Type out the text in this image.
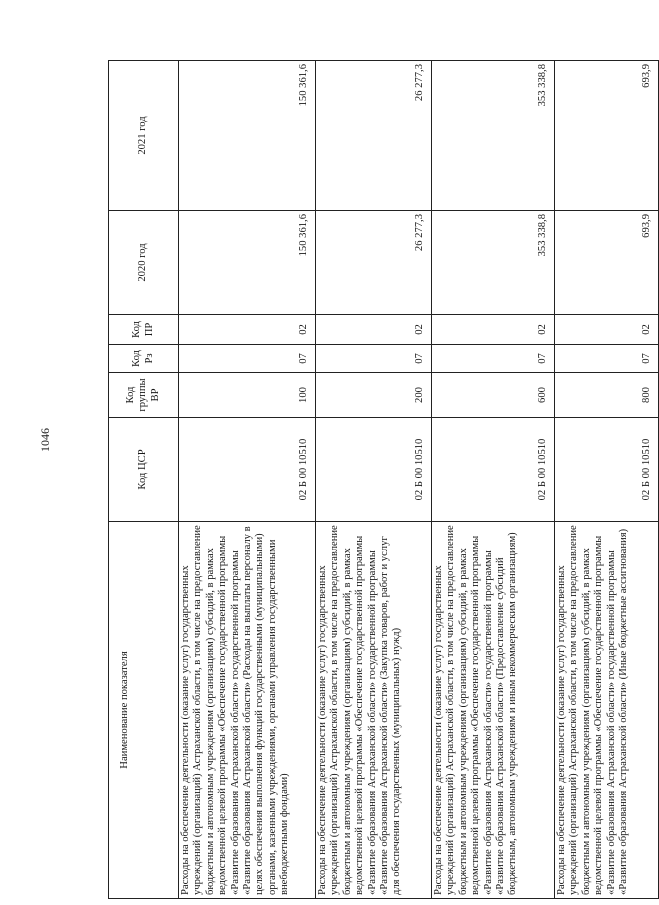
1046
Наименование показателя	Код ЦСР	Код группы ВР	Код Рз	Код ПР	2020 год	2021 год
Расходы на обеспечение деятельности (оказание услуг) государственных учреждений (организаций) Астраханской области, в том числе на предоставление бюджетным и автономным учреждениям (организациям) субсидий, в рамках ведомственной целевой программы «Обеспечение государственной программы «Развитие образования Астраханской области» государственной программы «Развитие образования Астраханской области» (Расходы на выплаты персоналу в целях обеспечения выполнения функций государственными (муниципальными) органами, казенными учреждениями, органами управления государственными внебюджетными фондами)	02 Б 00 10510	100	07	02	150 361,6	150 361,6
Расходы на обеспечение деятельности (оказание услуг) государственных учреждений (организаций) Астраханской области, в том числе на предоставление бюджетным и автономным учреждениям (организациям) субсидий, в рамках ведомственной целевой программы «Обеспечение государственной программы «Развитие образования Астраханской области» государственной программы «Развитие образования Астраханской области» (Закупка товаров, работ и услуг для обеспечения государственных (муниципальных) нужд)	02 Б 00 10510	200	07	02	26 277,3	26 277,3
Расходы на обеспечение деятельности (оказание услуг) государственных учреждений (организаций) Астраханской области, в том числе на предоставление бюджетным и автономным учреждениям (организациям) субсидий, в рамках ведомственной целевой программы «Обеспечение государственной программы «Развитие образования Астраханской области» государственной программы «Развитие образования Астраханской области» (Предоставление субсидий бюджетным, автономным учреждениям и иным некоммерческим организациям)	02 Б 00 10510	600	07	02	353 338,8	353 338,8
Расходы на обеспечение деятельности (оказание услуг) государственных учреждений (организаций) Астраханской области, в том числе на предоставление бюджетным и автономным учреждениям (организациям) субсидий, в рамках ведомственной целевой программы «Обеспечение государственной программы «Развитие образования Астраханской области» государственной программы «Развитие образования Астраханской области» (Иные бюджетные ассигнования)	02 Б 00 10510	800	07	02	693,9	693,9
